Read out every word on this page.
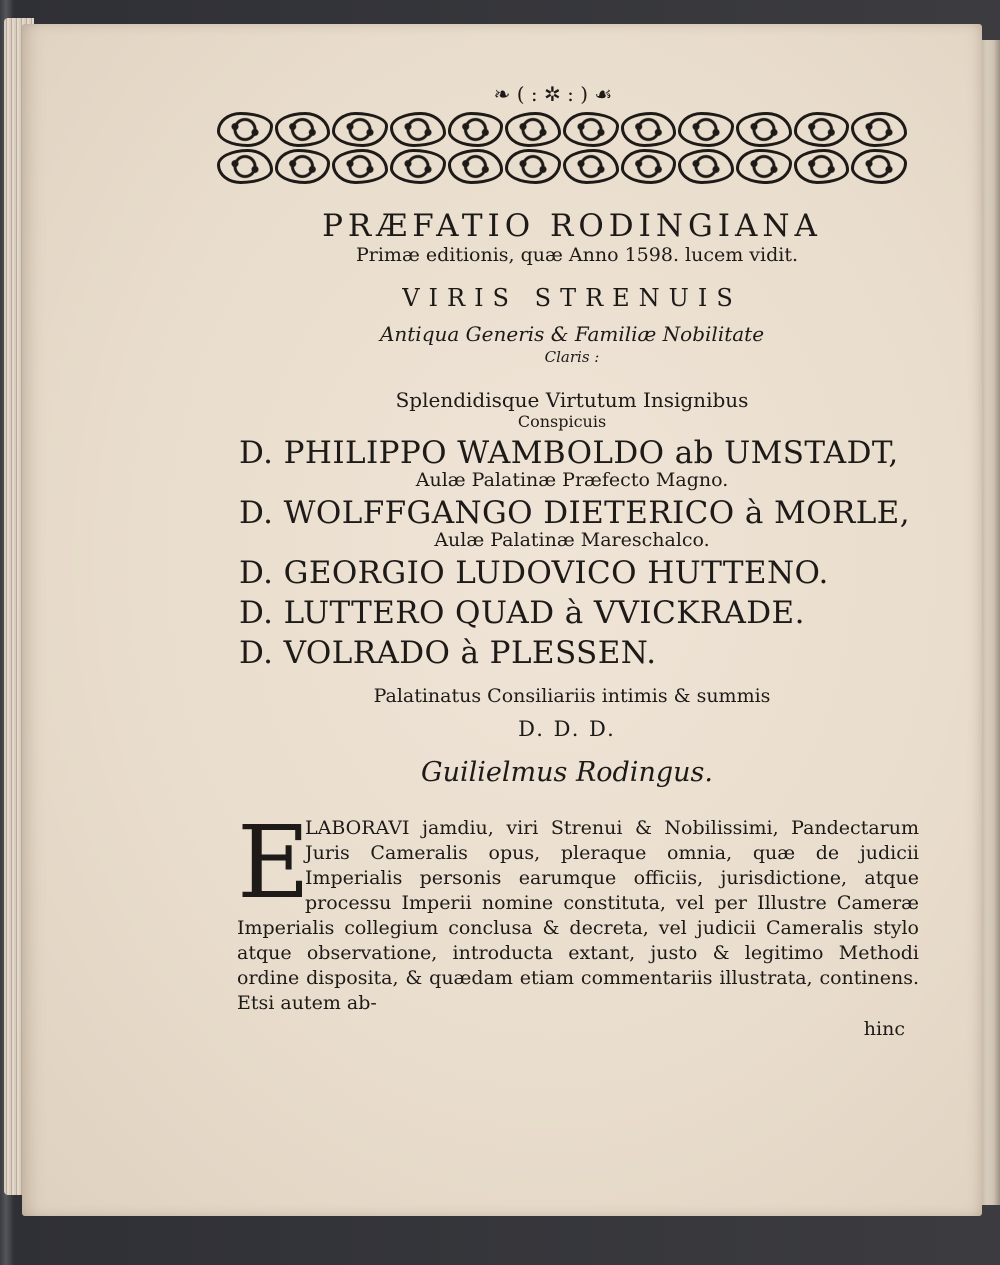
❧ ( : ✲ : ) ☙
PRÆFATIO RODINGIANA
Primæ editionis, quæ Anno 1598. lucem vidit.
VIRIS STRENUIS
Antiqua Generis & Familiæ Nobilitate
Claris :
Splendidisque Virtutum Insignibus
Conspicuis
D. PHILIPPO WAMBOLDO ab UMSTADT,
Aulæ Palatinæ Præfecto Magno.
D. WOLFFGANGO DIETERICO à MORLE,
Aulæ Palatinæ Mareschalco.
D. GEORGIO LUDOVICO HUTTENO.
D. LUTTERO QUAD à VVICKRADE.
D. VOLRADO à PLESSEN.
Palatinatus Consiliariis intimis & summis
D. D. D.
Guilielmus Rodingus.
E
LABORAVI jamdiu, viri Strenui & Nobilissimi, Pandectarum Juris Cameralis opus, pleraque omnia, quæ de judicii Imperialis personis earumque officiis, jurisdictione, atque processu Imperii nomine constituta, vel per Illustre Cameræ Imperialis collegium conclusa & decreta, vel judicii Cameralis stylo atque observatione, introducta extant, justo & legitimo Methodi ordine disposita, & quædam etiam commentariis illustrata, continens. Etsi autem ab-
hinc
